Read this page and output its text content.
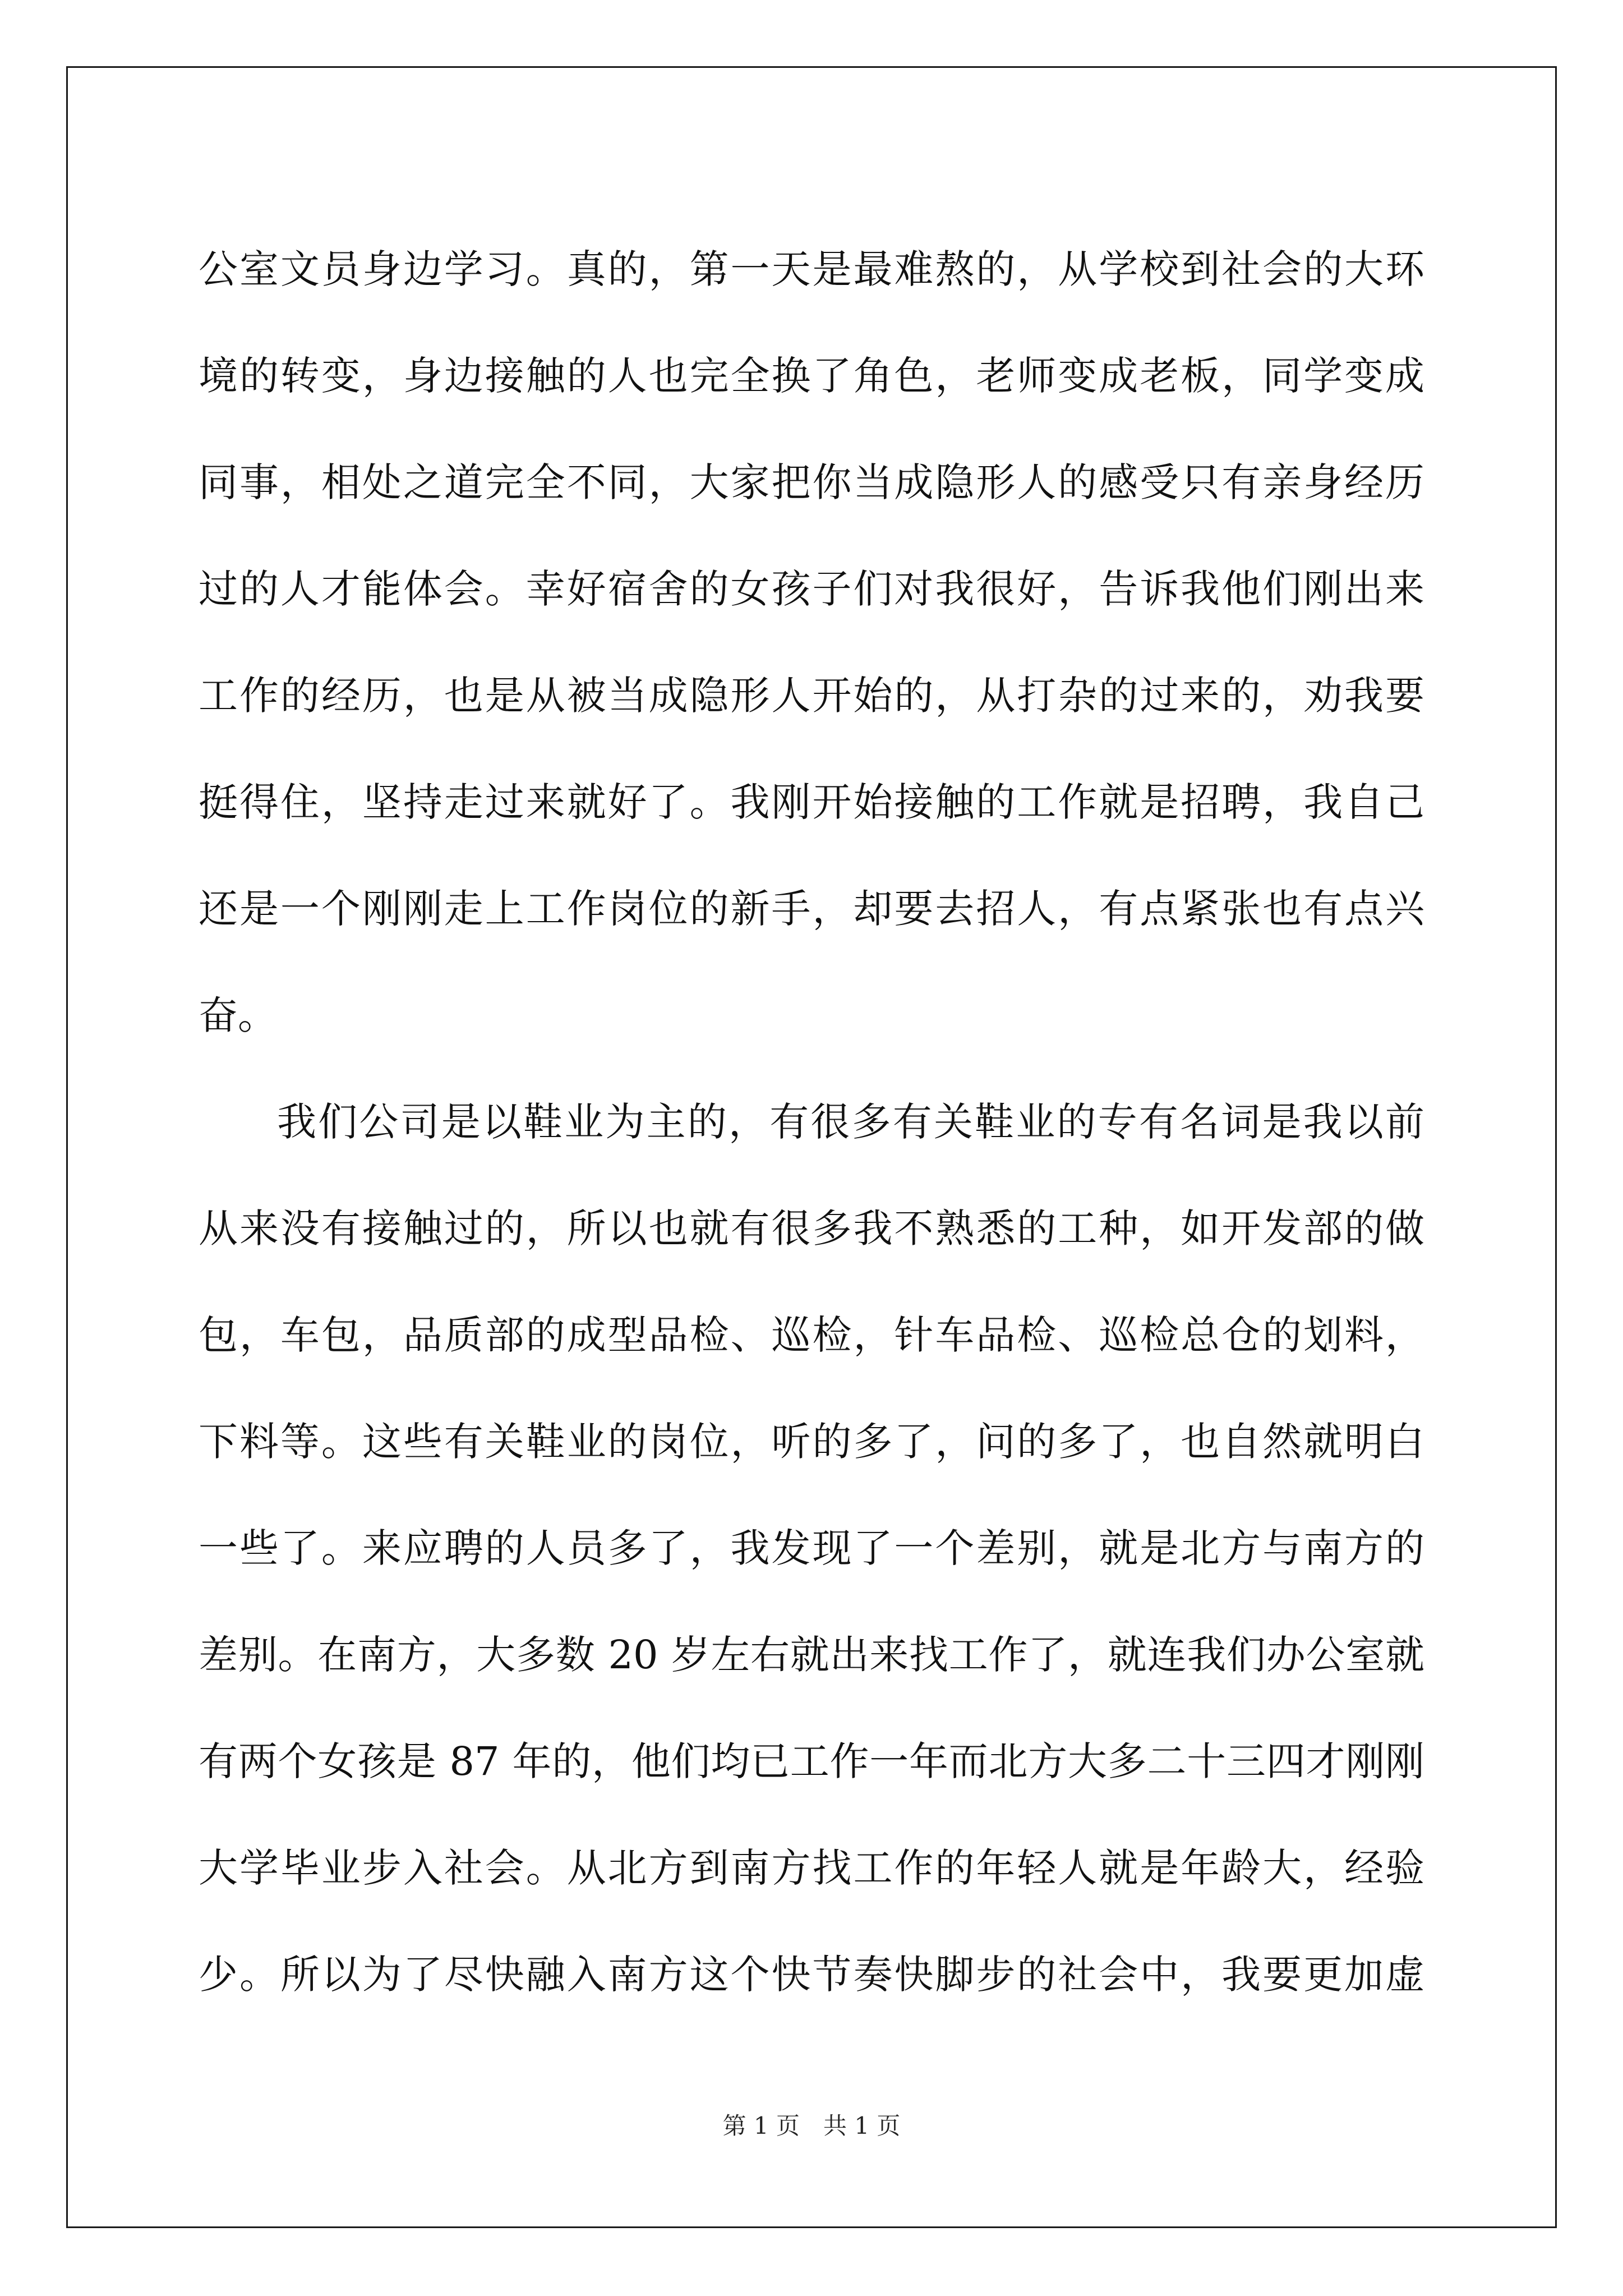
公室文员身边学习。真的，第一天是最难熬的，从学校到社会的大环
境的转变，身边接触的人也完全换了角色，老师变成老板，同学变成
同事，相处之道完全不同，大家把你当成隐形人的感受只有亲身经历
过的人才能体会。幸好宿舍的女孩子们对我很好，告诉我他们刚出来
工作的经历，也是从被当成隐形人开始的，从打杂的过来的，劝我要
挺得住，坚持走过来就好了。我刚开始接触的工作就是招聘，我自己
还是一个刚刚走上工作岗位的新手，却要去招人，有点紧张也有点兴
奋。
我们公司是以鞋业为主的，有很多有关鞋业的专有名词是我以前
从来没有接触过的，所以也就有很多我不熟悉的工种，如开发部的做
包，车包，品质部的成型品检、巡检，针车品检、巡检总仓的划料，
下料等。这些有关鞋业的岗位，听的多了，问的多了，也自然就明白
一些了。来应聘的人员多了，我发现了一个差别，就是北方与南方的
差别。在南方，大多数 20 岁左右就出来找工作了，就连我们办公室就
有两个女孩是 87 年的，他们均已工作一年而北方大多二十三四才刚刚
大学毕业步入社会。从北方到南方找工作的年轻人就是年龄大，经验
少。所以为了尽快融入南方这个快节奏快脚步的社会中，我要更加虚
第 1 页　共 1 页
